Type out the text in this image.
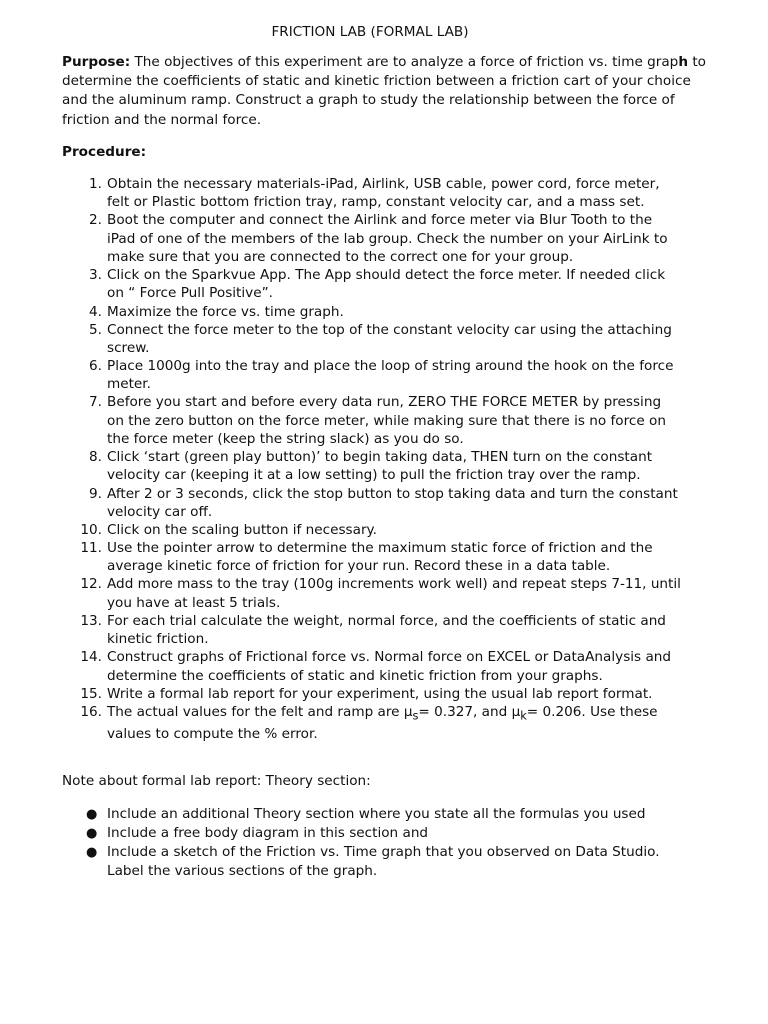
FRICTION LAB (FORMAL LAB)

Purpose: The objectives of this experiment are to analyze a force of friction vs. time graph to determine the coefficients of static and kinetic friction between a friction cart of your choice and the aluminum ramp. Construct a graph to study the relationship between the force of friction and the normal force.

Procedure:
1. Obtain the necessary materials-iPad, Airlink, USB cable, power cord, force meter, felt or Plastic bottom friction tray, ramp, constant velocity car, and a mass set.
2. Boot the computer and connect the Airlink and force meter via Blur Tooth to the iPad of one of the members of the lab group. Check the number on your AirLink to make sure that you are connected to the correct one for your group.
3. Click on the Sparkvue App. The App should detect the force meter. If needed click on “ Force Pull Positive”.
4. Maximize the force vs. time graph.
5. Connect the force meter to the top of the constant velocity car using the attaching screw.
6. Place 1000g into the tray and place the loop of string around the hook on the force meter.
7. Before you start and before every data run, ZERO THE FORCE METER by pressing on the zero button on the force meter, while making sure that there is no force on the force meter (keep the string slack) as you do so.
8. Click ‘start (green play button)’ to begin taking data, THEN turn on the constant velocity car (keeping it at a low setting) to pull the friction tray over the ramp.
9. After 2 or 3 seconds, click the stop button to stop taking data and turn the constant velocity car off.
10. Click on the scaling button if necessary.
11. Use the pointer arrow to determine the maximum static force of friction and the average kinetic force of friction for your run. Record these in a data table.
12. Add more mass to the tray (100g increments work well) and repeat steps 7-11, until you have at least 5 trials.
13. For each trial calculate the weight, normal force, and the coefficients of static and kinetic friction.
14. Construct graphs of Frictional force vs. Normal force on EXCEL or DataAnalysis and determine the coefficients of static and kinetic friction from your graphs.
15. Write a formal lab report for your experiment, using the usual lab report format.
16. The actual values for the felt and ramp are $\mu_s= 0.327$, and $\mu_k= 0.206$. Use these values to compute the % error.
Note about formal lab report: Theory section:
● Include an additional Theory section where you state all the formulas you used
● Include a free body diagram in this section and
● Include a sketch of the Friction vs. Time graph that you observed on Data Studio. Label the various sections of the graph.
